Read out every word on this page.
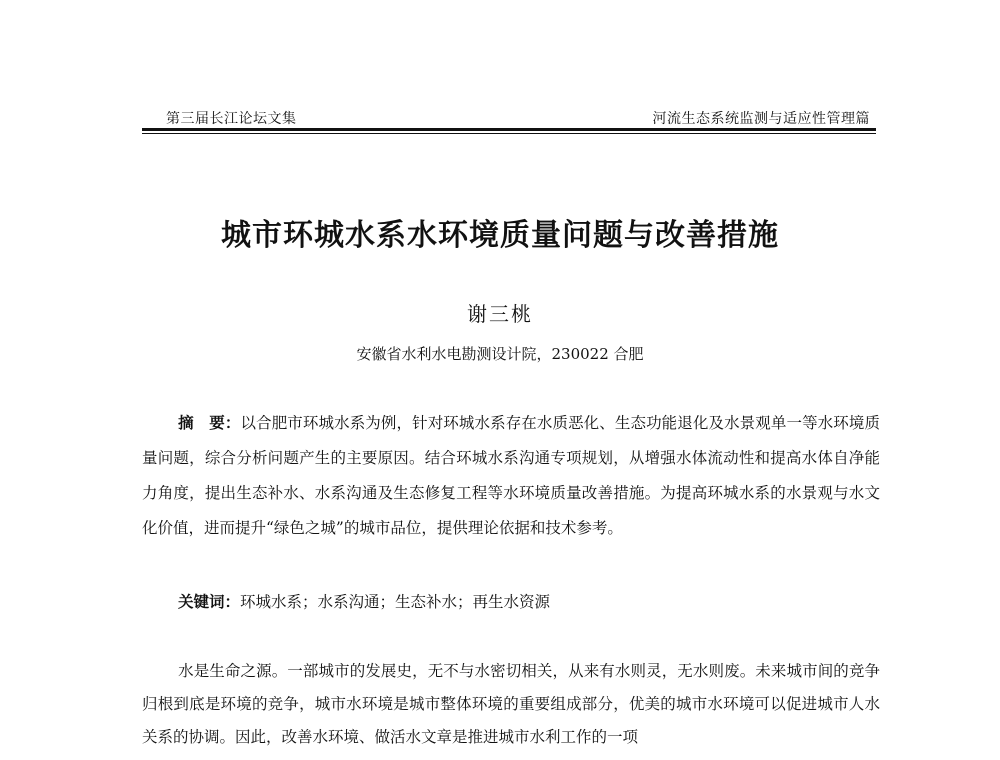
第三届长江论坛文集	河流生态系统监测与适应性管理篇
城市环城水系水环境质量问题与改善措施
谢三桃
安徽省水利水电勘测设计院，230022 合肥
摘　要：以合肥市环城水系为例，针对环城水系存在水质恶化、生态功能退化及水景观单一等水环境质量问题，综合分析问题产生的主要原因。结合环城水系沟通专项规划，从增强水体流动性和提高水体自净能力角度，提出生态补水、水系沟通及生态修复工程等水环境质量改善措施。为提高环城水系的水景观与水文化价值，进而提升“绿色之城”的城市品位，提供理论依据和技术参考。
关键词：环城水系；水系沟通；生态补水；再生水资源
水是生命之源。一部城市的发展史，无不与水密切相关，从来有水则灵，无水则废。未来城市间的竞争归根到底是环境的竞争，城市水环境是城市整体环境的重要组成部分，优美的城市水环境可以促进城市人水关系的协调。因此，改善水环境、做活水文章是推进城市水利工作的一项
